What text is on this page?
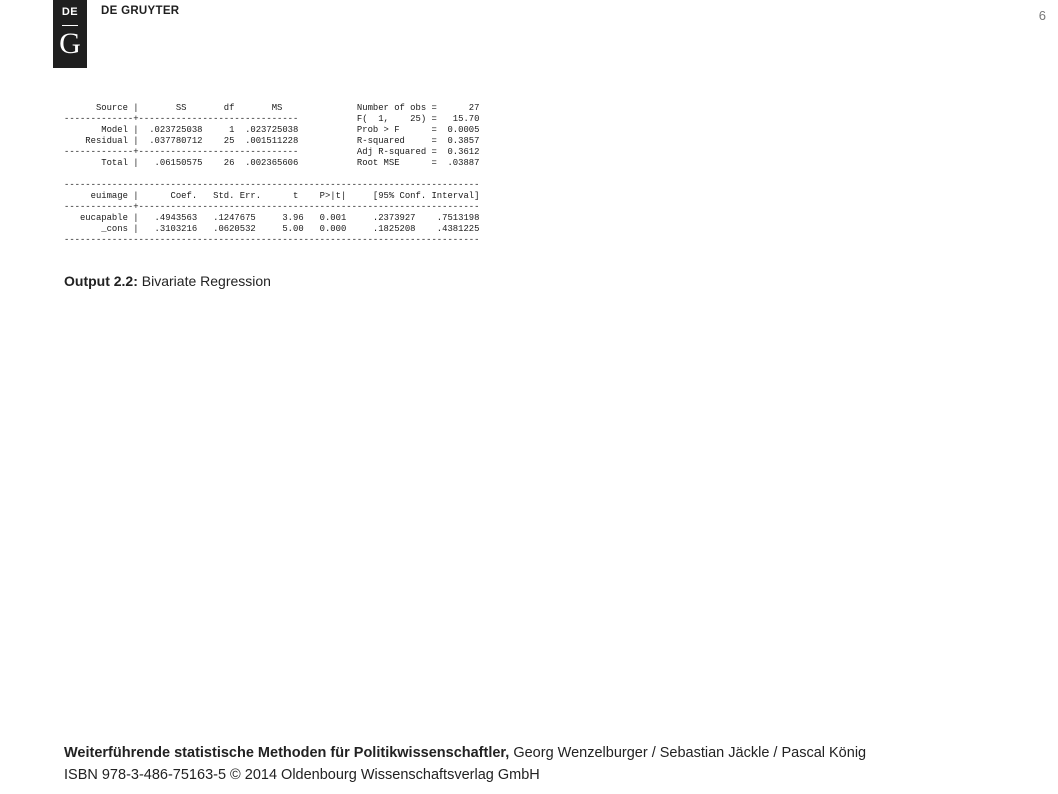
DE
G
DE GRUYTER	6
Source |       SS       df       MS              Number of obs =      27
-------------+------------------------------           F(  1,    25) =   15.70
Model |  .023725038     1  .023725038           Prob > F      =  0.0005
Residual |  .037780712    25  .001511228           R-squared     =  0.3857
-------------+------------------------------           Adj R-squared =  0.3612
Total |   .06150575    26  .002365606           Root MSE      =  .03887

------------------------------------------------------------------------------
euimage |      Coef.   Std. Err.      t    P>|t|     [95% Conf. Interval]
-------------+----------------------------------------------------------------
eucapable |   .4943563   .1247675     3.96   0.001     .2373927    .7513198
_cons |   .3103216   .0620532     5.00   0.000     .1825208    .4381225
------------------------------------------------------------------------------
Output 2.2: Bivariate Regression
Weiterführende statistische Methoden für Politikwissenschaftler, Georg Wenzelburger / Sebastian Jäckle / Pascal König
ISBN 978-3-486-75163-5 © 2014 Oldenbourg Wissenschaftsverlag GmbH
